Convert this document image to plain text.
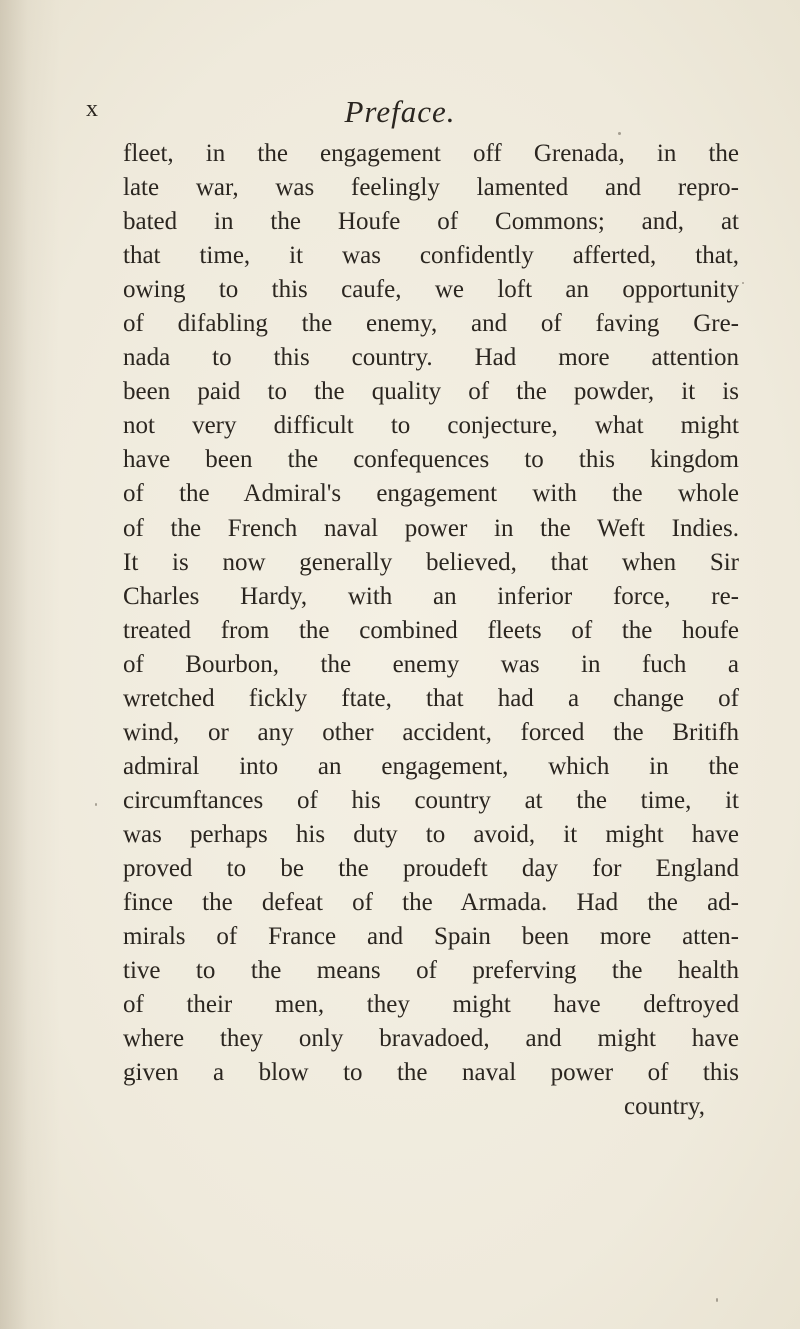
x	Preface.
fleet, in the engagement off Grenada, in the
late war, was feelingly lamented and repro-
bated in the Houfe of Commons; and, at
that time, it was confidently afferted, that,
owing to this caufe, we loft an opportunity
of difabling the enemy, and of faving Gre-
nada to this country. Had more attention
been paid to the quality of the powder, it is
not very difficult to conjecture, what might
have been the confequences to this kingdom
of the Admiral's engagement with the whole
of the French naval power in the Weft Indies.
It is now generally believed, that when Sir
Charles Hardy, with an inferior force, re-
treated from the combined fleets of the houfe
of Bourbon, the enemy was in fuch a
wretched fickly ftate, that had a change of
wind, or any other accident, forced the Britifh
admiral into an engagement, which in the
circumftances of his country at the time, it
was perhaps his duty to avoid, it might have
proved to be the proudeft day for England
fince the defeat of the Armada. Had the ad-
mirals of France and Spain been more atten-
tive to the means of preferving the health
of their men, they might have deftroyed
where they only bravadoed, and might have
given a blow to the naval power of this
country,
